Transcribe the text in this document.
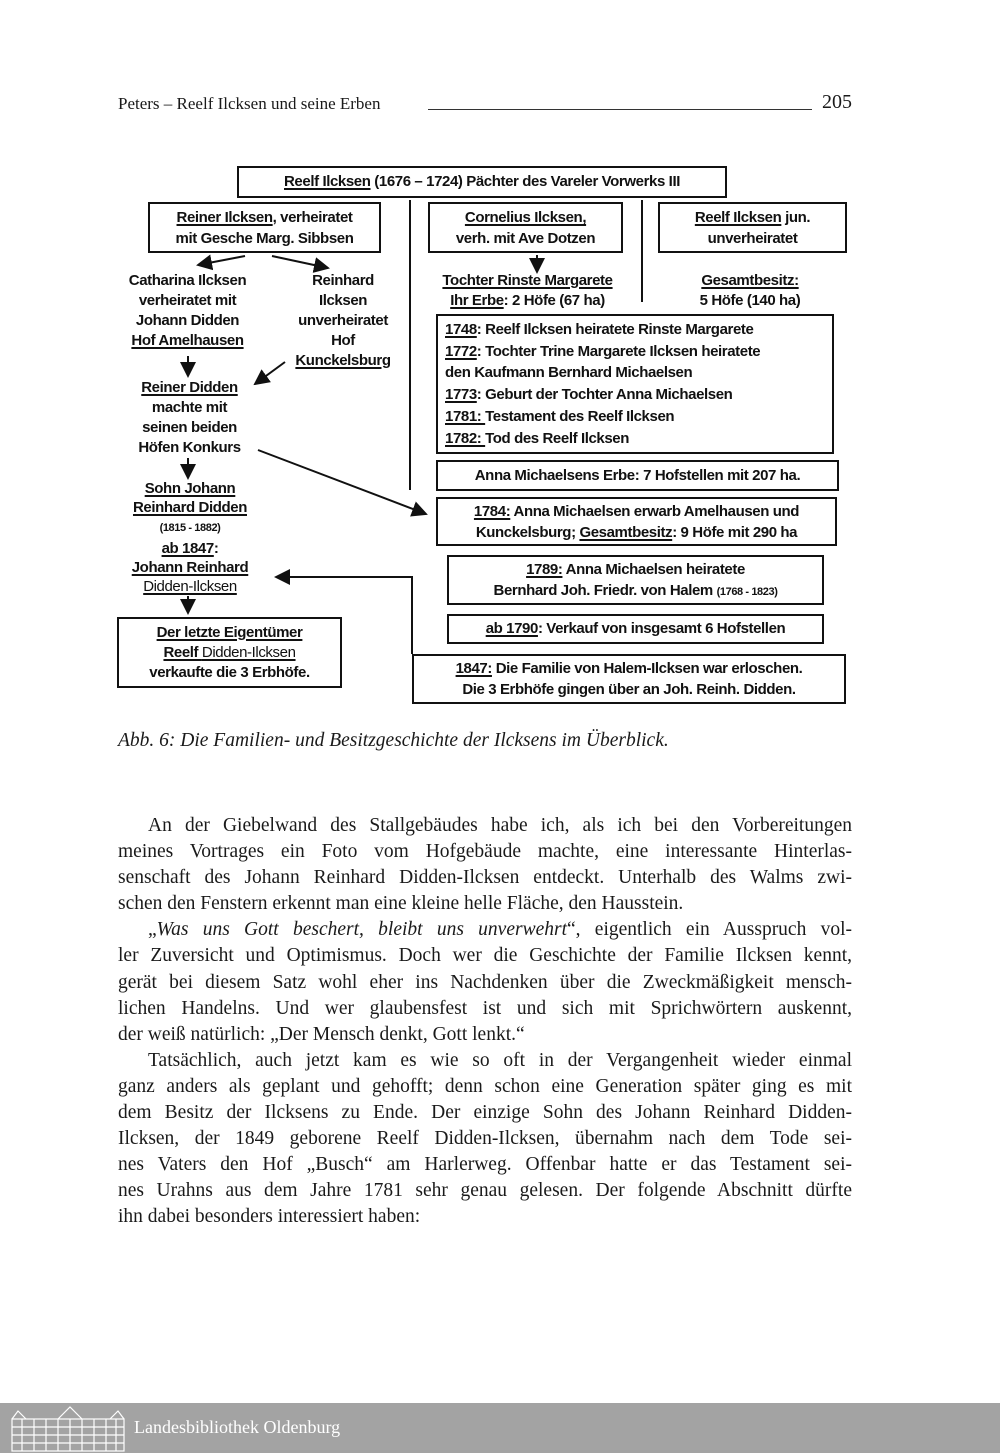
Peters – Reelf Ilcksen und seine Erben	205
Reelf Ilcksen (1676 – 1724) Pächter des Vareler Vorwerks III
Reiner Ilcksen, verheiratet
mit Gesche Marg. Sibbsen
Cornelius Ilcksen,
verh. mit Ave Dotzen
Reelf Ilcksen jun.
unverheiratet
Catharina Ilcksen
verheiratet mit
Johann Didden
Hof Amelhausen
Reinhard
Ilcksen
unverheiratet
Hof
Kunckelsburg
Tochter Rinste Margarete
Ihr Erbe: 2 Höfe (67 ha)
Gesamtbesitz:
5 Höfe (140 ha)
1748: Reelf Ilcksen heiratete Rinste Margarete
1772: Tochter Trine Margarete Ilcksen heiratete
den Kaufmann Bernhard Michaelsen
1773: Geburt der Tochter Anna Michaelsen
1781: Testament des Reelf Ilcksen
1782: Tod des Reelf Ilcksen
Anna Michaelsens Erbe: 7 Hofstellen mit 207 ha.
1784: Anna Michaelsen erwarb Amelhausen und
Kunckelsburg; Gesamtbesitz: 9 Höfe mit 290 ha
1789: Anna Michaelsen heiratete
Bernhard Joh. Friedr. von Halem (1768 - 1823)
ab 1790: Verkauf von insgesamt 6 Hofstellen
1847: Die Familie von Halem-Ilcksen war erloschen.
Die 3 Erbhöfe gingen über an Joh. Reinh. Didden.
Reiner Didden
machte mit
seinen beiden
Höfen Konkurs
Sohn Johann
Reinhard Didden
(1815 - 1882)
ab 1847:
Johann Reinhard
Didden-Ilcksen
Der letzte Eigentümer
Reelf Didden-Ilcksen
verkaufte die 3 Erbhöfe.
Abb. 6: Die Familien- und Besitzgeschichte der Ilcksens im Überblick.
An der Giebelwand des Stallgebäudes habe ich, als ich bei den Vorbereitungen
meines Vortrages ein Foto vom Hofgebäude machte, eine interessante Hinterlas-
senschaft des Johann Reinhard Didden-Ilcksen entdeckt. Unterhalb des Walms zwi-
schen den Fenstern erkennt man eine kleine helle Fläche, den Hausstein.
„Was uns Gott beschert, bleibt uns unverwehrt“, eigentlich ein Ausspruch vol-
ler Zuversicht und Optimismus. Doch wer die Geschichte der Familie Ilcksen kennt,
gerät bei diesem Satz wohl eher ins Nachdenken über die Zweckmäßigkeit mensch-
lichen Handelns. Und wer glaubensfest ist und sich mit Sprichwörtern auskennt,
der weiß natürlich: „Der Mensch denkt, Gott lenkt.“
Tatsächlich, auch jetzt kam es wie so oft in der Vergangenheit wieder einmal
ganz anders als geplant und gehofft; denn schon eine Generation später ging es mit
dem Besitz der Ilcksens zu Ende. Der einzige Sohn des Johann Reinhard Didden-
Ilcksen, der 1849 geborene Reelf Didden-Ilcksen, übernahm nach dem Tode sei-
nes Vaters den Hof „Busch“ am Harlerweg. Offenbar hatte er das Testament sei-
nes Urahns aus dem Jahre 1781 sehr genau gelesen. Der folgende Abschnitt dürfte
ihn dabei besonders interessiert haben:
Landesbibliothek Oldenburg
